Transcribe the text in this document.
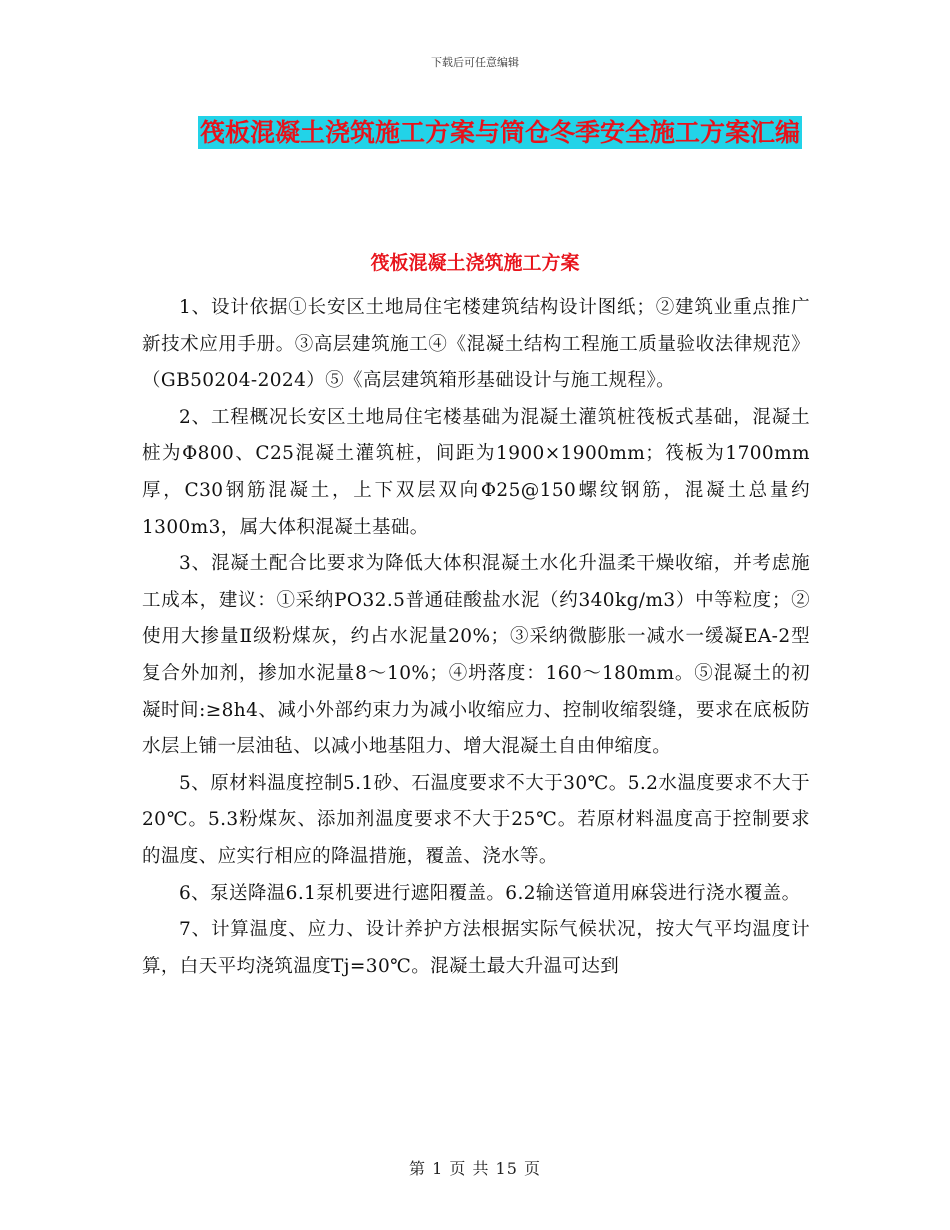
下载后可任意编辑
筏板混凝土浇筑施工方案与筒仓冬季安全施工方案汇编
筏板混凝土浇筑施工方案

1、设计依据①长安区土地局住宅楼建筑结构设计图纸；②建筑业重点推广新技术应用手册。③高层建筑施工④《混凝土结构工程施工质量验收法律规范》（GB50204-2024）⑤《高层建筑箱形基础设计与施工规程》。

2、工程概况长安区土地局住宅楼基础为混凝土灌筑桩筏板式基础，混凝土桩为Φ800、C25混凝土灌筑桩，间距为1900×1900mm；筏板为1700mm厚，C30钢筋混凝土，上下双层双向Φ25@150螺纹钢筋，混凝土总量约1300m3，属大体积混凝土基础。

3、混凝土配合比要求为降低大体积混凝土水化升温柔干燥收缩，并考虑施工成本，建议：①采纳PO32.5普通硅酸盐水泥（约340kg/m3）中等粒度；②使用大掺量Ⅱ级粉煤灰，约占水泥量20%；③采纳微膨胀一减水一缓凝EA-2型复合外加剂，掺加水泥量8～10%；④坍落度：160～180mm。⑤混凝土的初凝时间:≥8h4、减小外部约束力为减小收缩应力、控制收缩裂缝，要求在底板防水层上铺一层油毡、以减小地基阻力、增大混凝土自由伸缩度。

5、原材料温度控制5.1砂、石温度要求不大于30℃。5.2水温度要求不大于20℃。5.3粉煤灰、添加剂温度要求不大于25℃。若原材料温度高于控制要求的温度、应实行相应的降温措施，覆盖、浇水等。

6、泵送降温6.1泵机要进行遮阳覆盖。6.2输送管道用麻袋进行浇水覆盖。

7、计算温度、应力、设计养护方法根据实际气候状况，按大气平均温度计算，白天平均浇筑温度Tj=30℃。混凝土最大升温可达到

第 1 页 共 15 页
